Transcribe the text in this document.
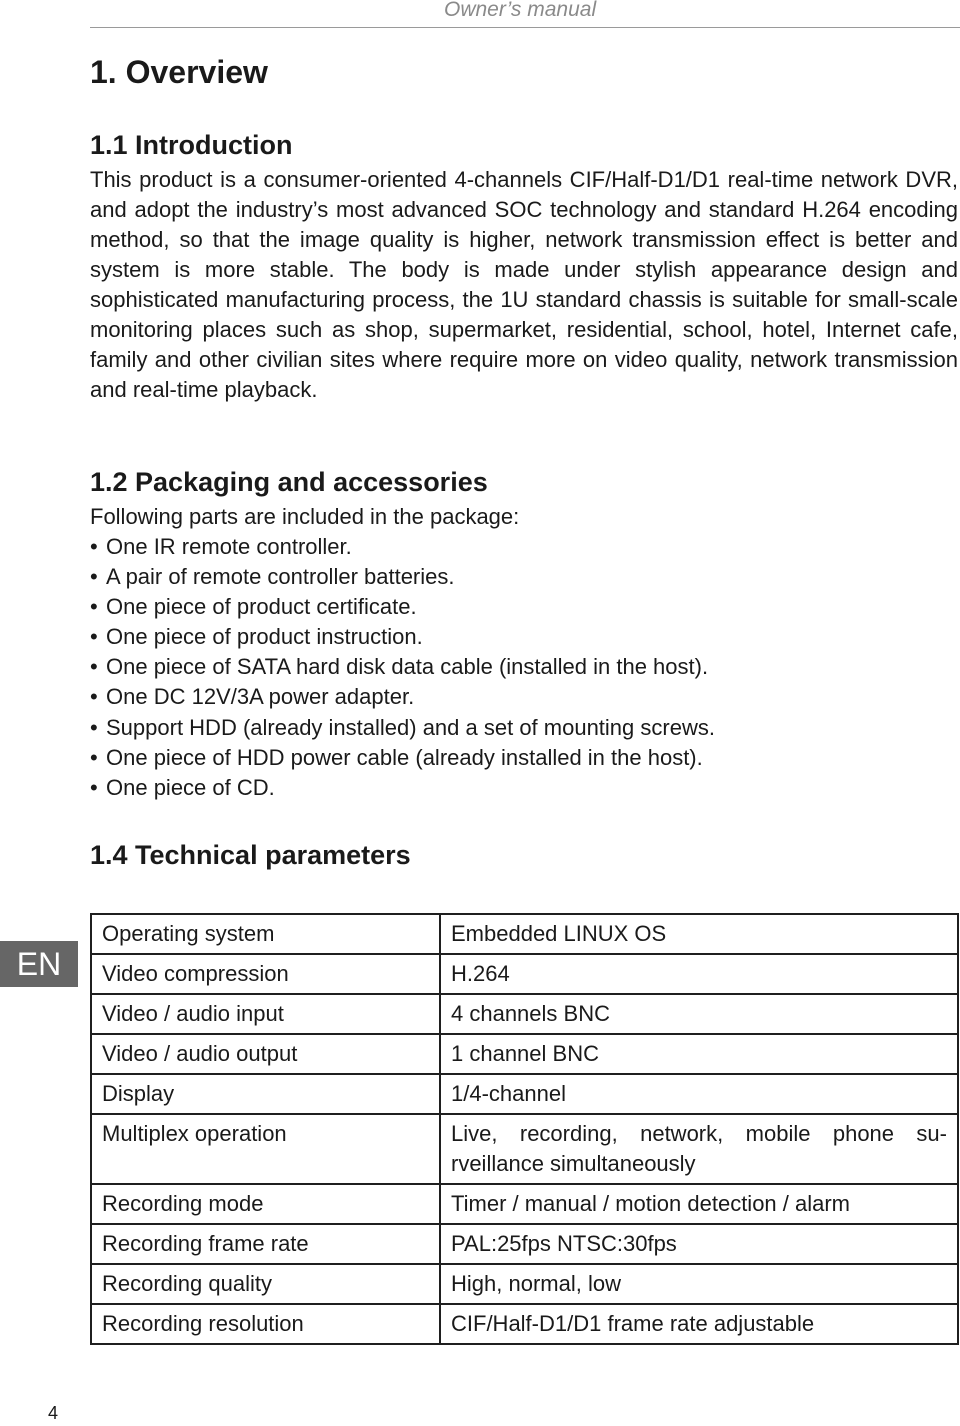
Owner’s manual
1. Overview
1.1 Introduction

This product is a consumer-oriented 4-channels CIF/Half-D1/D1 real-time network DVR, and adopt the industry’s most advanced SOC technology and standard H.264 encoding method, so that the image quality is higher, network transmission effect is better and system is more stable. The body is made under stylish appearance design and sophisticated manufacturing process, the 1U standard chassis is suitable for small-scale monitoring places such as shop, supermarket, residential, school, hotel, Internet cafe, family and other civilian sites where require more on video quality, network transmission and real-time playback.

1.2 Packaging and accessories
Following parts are included in the package:
• One IR remote controller.
• A pair of remote controller batteries.
• One piece of product certificate.
• One piece of product instruction.
• One piece of SATA hard disk data cable (installed in the host).
• One DC 12V/3A power adapter.
• Support HDD (already installed) and a set of mounting screws.
• One piece of HDD power cable (already installed in the host).
• One piece of CD.
1.4 Technical parameters
EN
Operating system	Embedded LINUX OS
Video compression	H.264
Video / audio input	4 channels BNC
Video / audio output	1 channel BNC
Display	1/4-channel
Multiplex operation	Live, recording, network, mobile phone su-rveillance simultaneously
Recording mode	Timer / manual / motion detection / alarm
Recording frame rate	PAL:25fps NTSC:30fps
Recording quality	High, normal, low
Recording resolution	CIF/Half-D1/D1 frame rate adjustable
4
